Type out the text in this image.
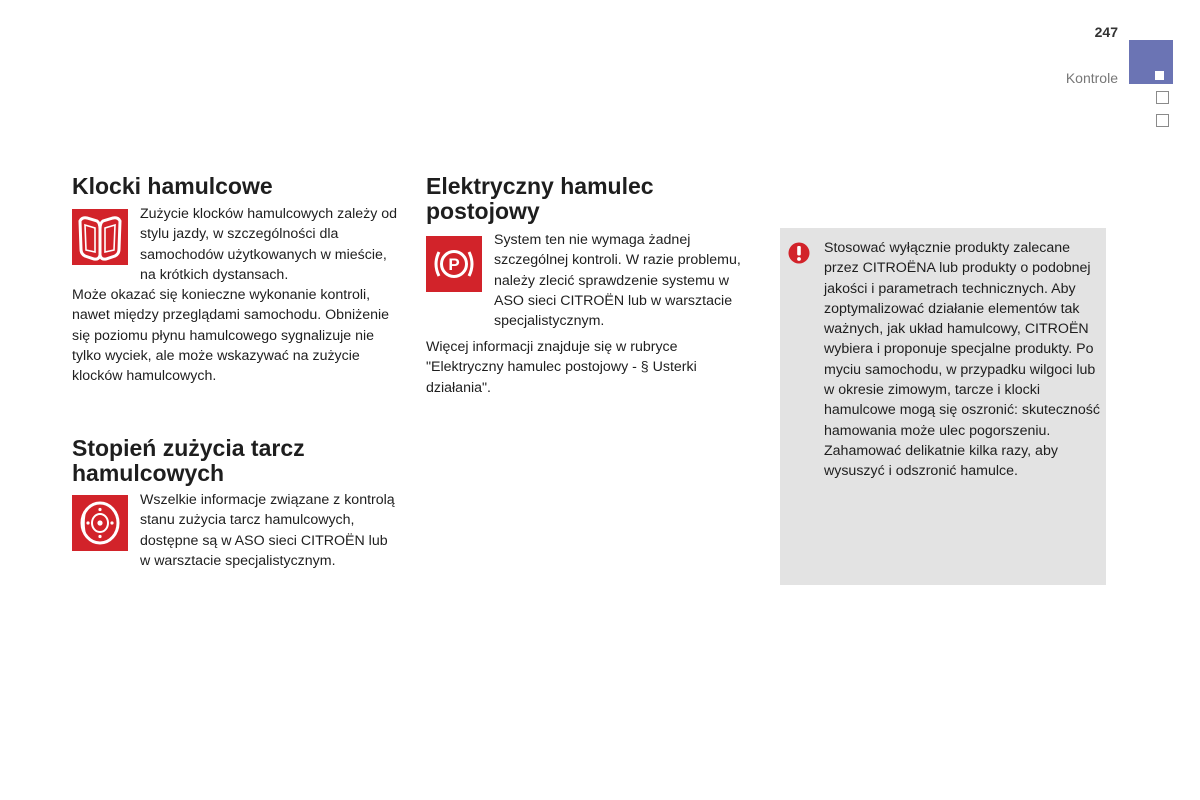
247
Kontrole
Klocki hamulcowe

Zużycie klocków hamulcowych zależy od stylu jazdy, w szczególności dla samochodów użytkowanych w mieście, na krótkich dystansach.

Może okazać się konieczne wykonanie kontroli, nawet między przeglądami samochodu. Obniżenie się poziomu płynu hamulcowego sygnalizuje nie tylko wyciek, ale może wskazywać na zużycie klocków hamulcowych.

Stopień zużycia tarcz hamulcowych

Wszelkie informacje związane z kontrolą stanu zużycia tarcz hamulcowych, dostępne są w ASO sieci CITROËN lub w warsztacie specjalistycznym.

Elektryczny hamulec postojowy
P

System ten nie wymaga żadnej szczególnej kontroli. W razie problemu, należy zlecić sprawdzenie systemu w ASO sieci CITROËN lub w warsztacie specjalistycznym.

Więcej informacji znajduje się w rubryce "Elektryczny hamulec postojowy - § Usterki działania".

Stosować wyłącznie produkty zalecane przez CITROËNA lub produkty o podobnej jakości i parametrach technicznych. Aby zoptymalizować działanie elementów tak ważnych, jak układ hamulcowy, CITROËN wybiera i proponuje specjalne produkty. Po myciu samochodu, w przypadku wilgoci lub w okresie zimowym, tarcze i klocki hamulcowe mogą się oszronić: skuteczność hamowania może ulec pogorszeniu. Zahamować delikatnie kilka razy, aby wysuszyć i odszronić hamulce.
